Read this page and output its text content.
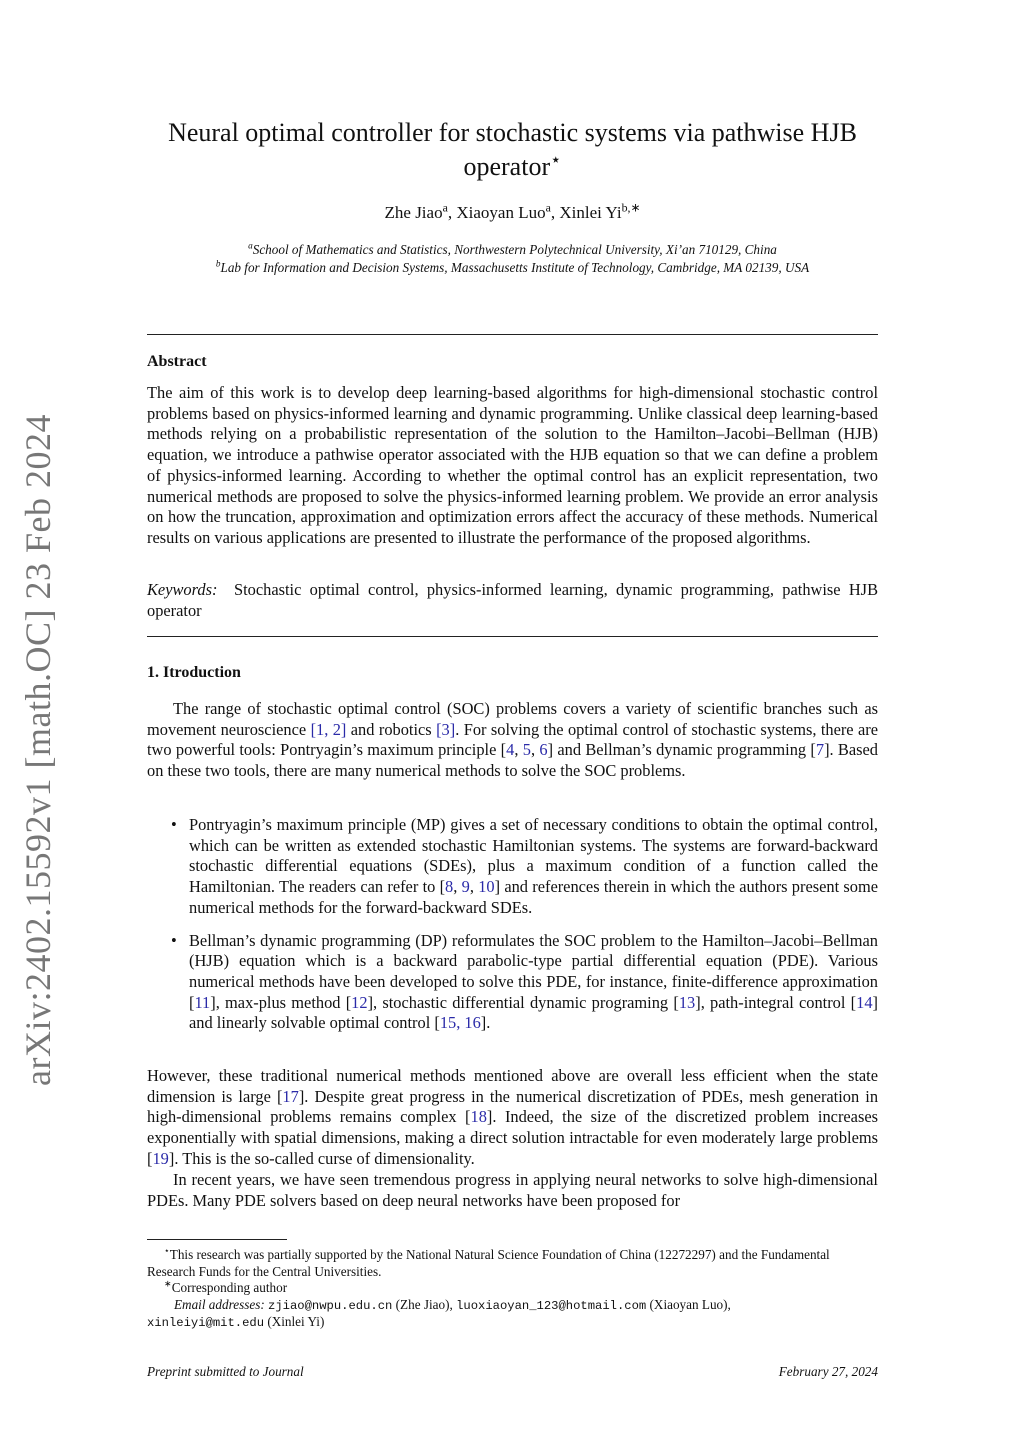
arXiv:2402.15592v1 [math.OC] 23 Feb 2024
Neural optimal controller for stochastic systems via pathwise HJB operator⋆
Zhe Jiao$^a$, Xiaoyan Luo$^a$, Xinlei $Yi^{b,∗}$
$^a$School of Mathematics and Statistics, Northwestern Polytechnical University, Xi’an 710129, China
$^b$Lab for Information and Decision Systems, Massachusetts Institute of Technology, Cambridge, MA 02139, USA
Abstract
The aim of this work is to develop deep learning-based algorithms for high-dimensional stochastic control problems based on physics-informed learning and dynamic programming. Unlike classical deep learning-based methods relying on a probabilistic representation of the solution to the Hamilton–Jacobi–Bellman (HJB) equation, we introduce a pathwise operator associated with the HJB equation so that we can define a problem of physics-informed learning. According to whether the optimal control has an explicit representation, two numerical methods are proposed to solve the physics-informed learning problem. We provide an error analysis on how the truncation, approximation and optimization errors affect the accuracy of these methods. Numerical results on various applications are presented to illustrate the performance of the proposed algorithms.
Keywords: Stochastic optimal control, physics-informed learning, dynamic programming, pathwise HJB operator
1. Itroduction
The range of stochastic optimal control (SOC) problems covers a variety of scientific branches such as movement neuroscience [1, 2] and robotics [3]. For solving the optimal control of stochastic systems, there are two powerful tools: Pontryagin’s maximum principle [4, 5, 6] and Bellman’s dynamic programming [7]. Based on these two tools, there are many numerical methods to solve the SOC problems.
• Pontryagin’s maximum principle (MP) gives a set of necessary conditions to obtain the optimal control, which can be written as extended stochastic Hamiltonian systems. The systems are forward-backward stochastic differential equations (SDEs), plus a maximum condition of a function called the Hamiltonian. The readers can refer to [8, 9, 10] and references therein in which the authors present some numerical methods for the forward-backward SDEs.
• Bellman’s dynamic programming (DP) reformulates the SOC problem to the Hamilton–Jacobi–Bellman (HJB) equation which is a backward parabolic-type partial differential equation (PDE). Various numerical methods have been developed to solve this PDE, for instance, finite-difference approximation [11], max-plus method [12], stochastic differential dynamic programing [13], path-integral control [14] and linearly solvable optimal control [15, 16].
However, these traditional numerical methods mentioned above are overall less efficient when the state dimension is large [17]. Despite great progress in the numerical discretization of PDEs, mesh generation in high-dimensional problems remains complex [18]. Indeed, the size of the discretized problem increases exponentially with spatial dimensions, making a direct solution intractable for even moderately large problems [19]. This is the so-called curse of dimensionality.
In recent years, we have seen tremendous progress in applying neural networks to solve high-dimensional PDEs. Many PDE solvers based on deep neural networks have been proposed for

⋆This research was partially supported by the National Natural Science Foundation of China (12272297) and the Fundamental Research Funds for the Central Universities.

∗Corresponding author

Email addresses: zjiao@nwpu.edu.cn (Zhe Jiao), luoxiaoyan_123@hotmail.com (Xiaoyan Luo),
xinleiyi@mit.edu (Xinlei Yi)

Preprint submitted to Journal	February 27, 2024
